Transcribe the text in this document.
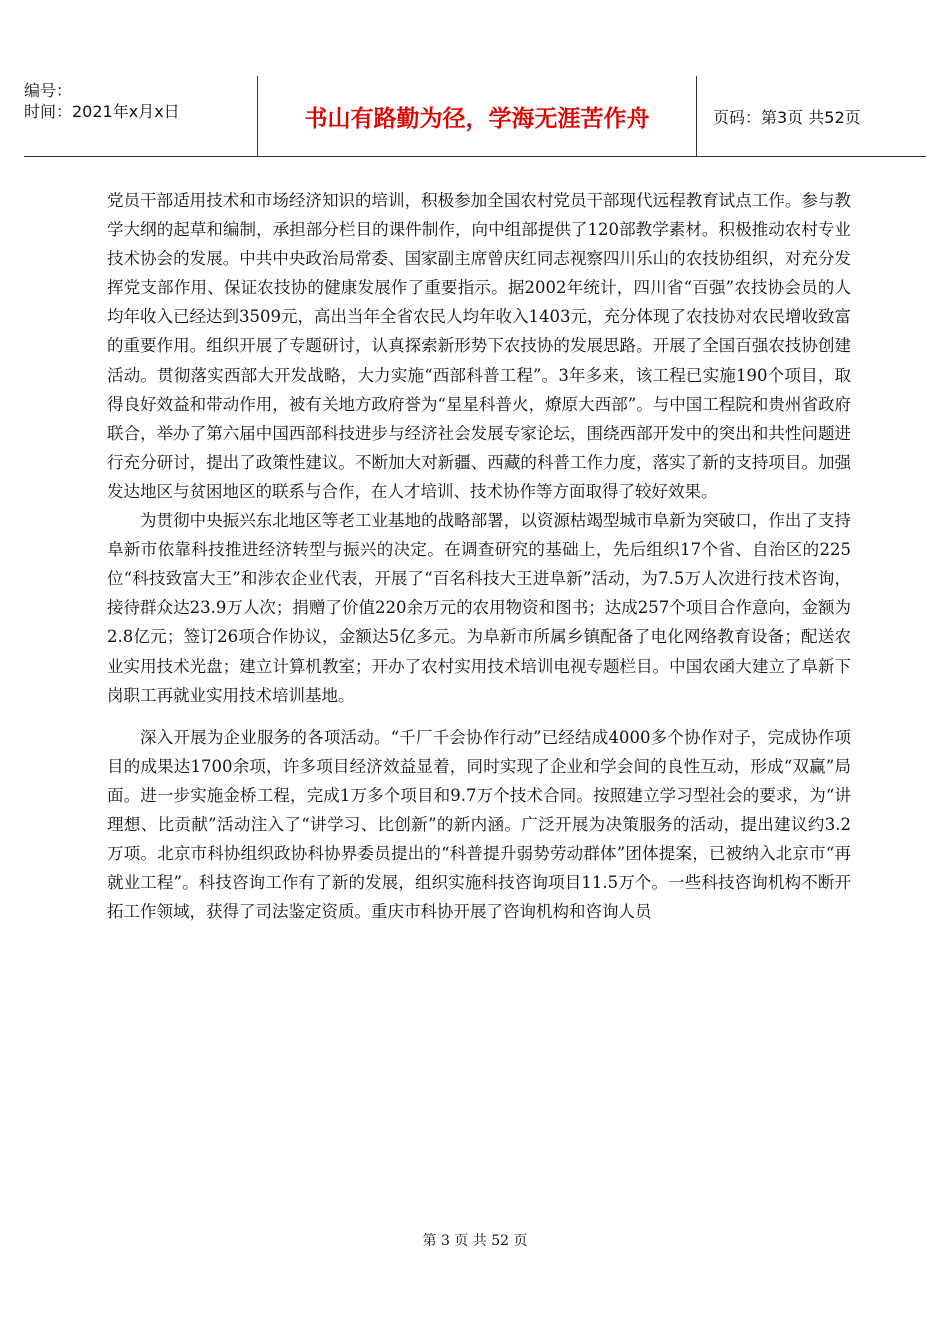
编号：
时间：2021年x月x日	书山有路勤为径，学海无涯苦作舟	页码：第3页 共52页

党员干部适用技术和市场经济知识的培训，积极参加全国农村党员干部现代远程教育试点工作。参与教学大纲的起草和编制，承担部分栏目的课件制作，向中组部提供了120部教学素材。积极推动农村专业技术协会的发展。中共中央政治局常委、国家副主席曾庆红同志视察四川乐山的农技协组织，对充分发挥党支部作用、保证农技协的健康发展作了重要指示。据2002年统计，四川省“百强”农技协会员的人均年收入已经达到3509元，高出当年全省农民人均年收入1403元，充分体现了农技协对农民增收致富的重要作用。组织开展了专题研讨，认真探索新形势下农技协的发展思路。开展了全国百强农技协创建活动。贯彻落实西部大开发战略，大力实施“西部科普工程”。3年多来，该工程已实施190个项目，取得良好效益和带动作用，被有关地方政府誉为“星星科普火，燎原大西部”。与中国工程院和贵州省政府联合，举办了第六届中国西部科技进步与经济社会发展专家论坛，围绕西部开发中的突出和共性问题进行充分研讨，提出了政策性建议。不断加大对新疆、西藏的科普工作力度，落实了新的支持项目。加强发达地区与贫困地区的联系与合作，在人才培训、技术协作等方面取得了较好效果。

为贯彻中央振兴东北地区等老工业基地的战略部署，以资源枯竭型城市阜新为突破口，作出了支持阜新市依靠科技推进经济转型与振兴的决定。在调查研究的基础上，先后组织17个省、自治区的225位“科技致富大王”和涉农企业代表，开展了“百名科技大王进阜新”活动，为7.5万人次进行技术咨询，接待群众达23.9万人次；捐赠了价值220余万元的农用物资和图书；达成257个项目合作意向，金额为2.8亿元；签订26项合作协议，金额达5亿多元。为阜新市所属乡镇配备了电化网络教育设备；配送农业实用技术光盘；建立计算机教室；开办了农村实用技术培训电视专题栏目。中国农函大建立了阜新下岗职工再就业实用技术培训基地。

深入开展为企业服务的各项活动。“千厂千会协作行动”已经结成4000多个协作对子，完成协作项目的成果达1700余项，许多项目经济效益显着，同时实现了企业和学会间的良性互动，形成“双赢”局面。进一步实施金桥工程，完成1万多个项目和9.7万个技术合同。按照建立学习型社会的要求，为“讲理想、比贡献”活动注入了“讲学习、比创新”的新内涵。广泛开展为决策服务的活动，提出建议约3.2万项。北京市科协组织政协科协界委员提出的“科普提升弱势劳动群体”团体提案，已被纳入北京市“再就业工程”。科技咨询工作有了新的发展，组织实施科技咨询项目11.5万个。一些科技咨询机构不断开拓工作领域，获得了司法鉴定资质。重庆市科协开展了咨询机构和咨询人员

第 3 页 共 52 页
